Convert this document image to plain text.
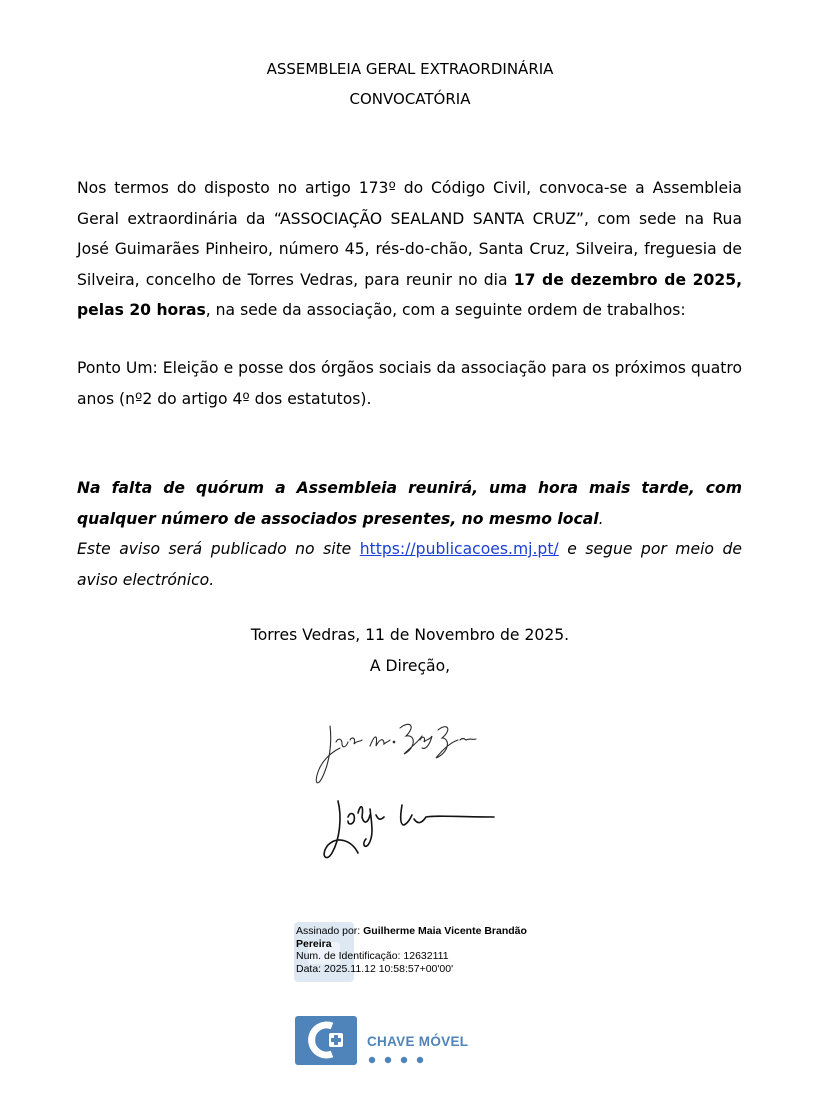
ASSEMBLEIA GERAL EXTRAORDINÁRIA
CONVOCATÓRIA
Nos termos do disposto no artigo 173º do Código Civil, convoca-se a Assembleia Geral extraordinária da “ASSOCIAÇÃO SEALAND SANTA CRUZ”, com sede na Rua José Guimarães Pinheiro, número 45, rés-do-chão, Santa Cruz, Silveira, freguesia de Silveira, concelho de Torres Vedras, para reunir no dia 17 de dezembro de 2025, pelas 20 horas, na sede da associação, com a seguinte ordem de trabalhos:
Ponto Um: Eleição e posse dos órgãos sociais da associação para os próximos quatro anos (nº2 do artigo 4º dos estatutos).
Na falta de quórum a Assembleia reunirá, uma hora mais tarde, com qualquer número de associados presentes, no mesmo local.
Este aviso será publicado no site https://publicacoes.mj.pt/ e segue por meio de aviso electrónico.
Torres Vedras, 11 de Novembro de 2025.
A Direção,
Assinado por: Guilherme Maia Vicente Brandão
Pereira
Num. de Identificação: 12632111
Data: 2025.11.12 10:58:57+00'00'
CHAVE MÓVEL
